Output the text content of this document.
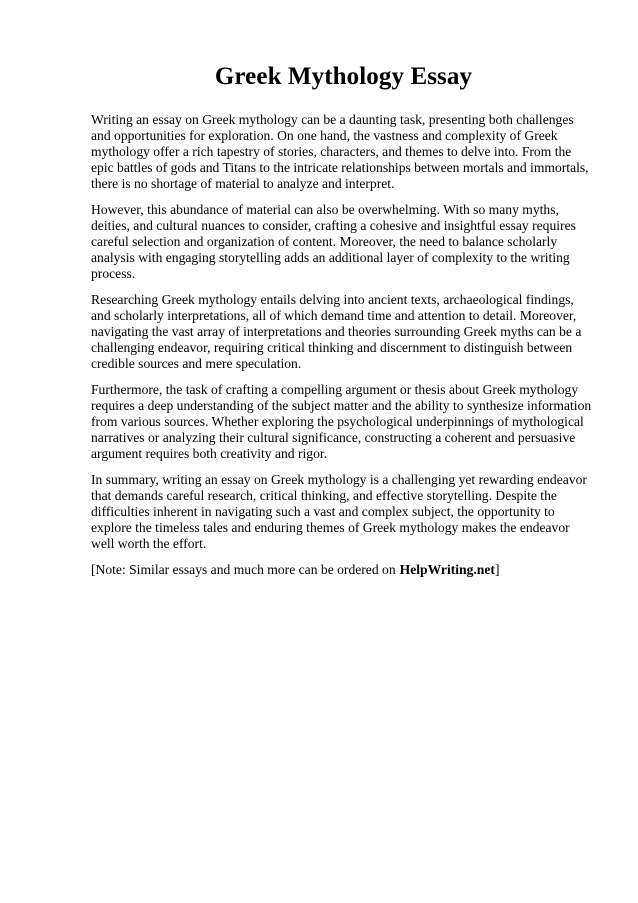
Greek Mythology Essay

Writing an essay on Greek mythology can be a daunting task, presenting both challenges and opportunities for exploration. On one hand, the vastness and complexity of Greek mythology offer a rich tapestry of stories, characters, and themes to delve into. From the epic battles of gods and Titans to the intricate relationships between mortals and immortals, there is no shortage of material to analyze and interpret.

However, this abundance of material can also be overwhelming. With so many myths, deities, and cultural nuances to consider, crafting a cohesive and insightful essay requires careful selection and organization of content. Moreover, the need to balance scholarly analysis with engaging storytelling adds an additional layer of complexity to the writing process.

Researching Greek mythology entails delving into ancient texts, archaeological findings, and scholarly interpretations, all of which demand time and attention to detail. Moreover, navigating the vast array of interpretations and theories surrounding Greek myths can be a challenging endeavor, requiring critical thinking and discernment to distinguish between credible sources and mere speculation.

Furthermore, the task of crafting a compelling argument or thesis about Greek mythology requires a deep understanding of the subject matter and the ability to synthesize information from various sources. Whether exploring the psychological underpinnings of mythological narratives or analyzing their cultural significance, constructing a coherent and persuasive argument requires both creativity and rigor.

In summary, writing an essay on Greek mythology is a challenging yet rewarding endeavor that demands careful research, critical thinking, and effective storytelling. Despite the difficulties inherent in navigating such a vast and complex subject, the opportunity to explore the timeless tales and enduring themes of Greek mythology makes the endeavor well worth the effort.

[Note: Similar essays and much more can be ordered on HelpWriting.net]
